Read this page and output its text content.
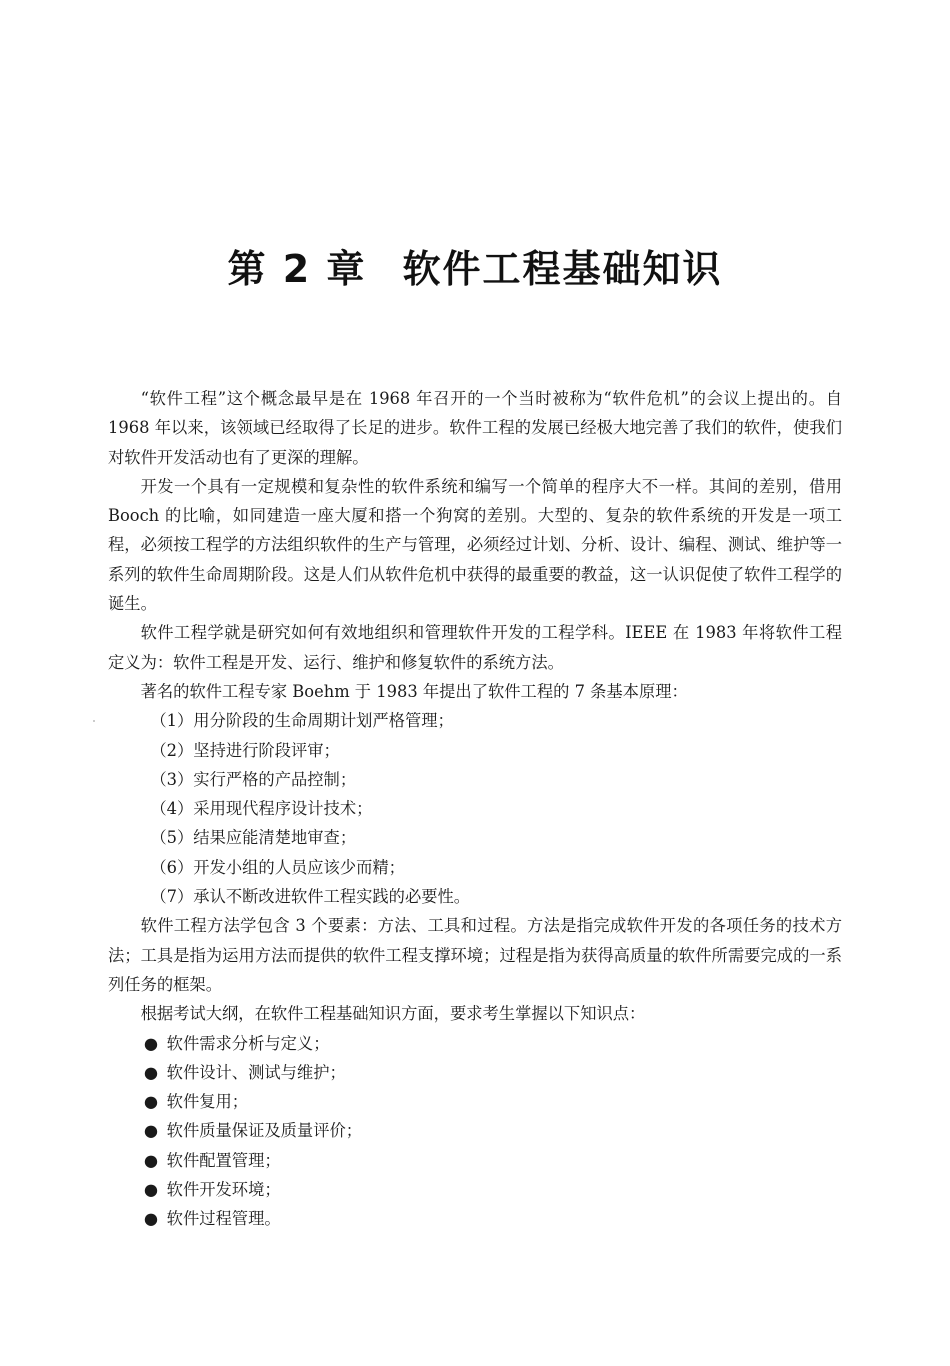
第 2 章 软件工程基础知识

“软件工程”这个概念最早是在 1968 年召开的一个当时被称为“软件危机”的会议上提出的。自 1968 年以来，该领域已经取得了长足的进步。软件工程的发展已经极大地完善了我们的软件，使我们对软件开发活动也有了更深的理解。

开发一个具有一定规模和复杂性的软件系统和编写一个简单的程序大不一样。其间的差别，借用 Booch 的比喻，如同建造一座大厦和搭一个狗窝的差别。大型的、复杂的软件系统的开发是一项工程，必须按工程学的方法组织软件的生产与管理，必须经过计划、分析、设计、编程、测试、维护等一系列的软件生命周期阶段。这是人们从软件危机中获得的最重要的教益，这一认识促使了软件工程学的诞生。

软件工程学就是研究如何有效地组织和管理软件开发的工程学科。IEEE 在 1983 年将软件工程定义为：软件工程是开发、运行、维护和修复软件的系统方法。

著名的软件工程专家 Boehm 于 1983 年提出了软件工程的 7 条基本原理：

（1）用分阶段的生命周期计划严格管理；
（2）坚持进行阶段评审；
（3）实行严格的产品控制；
（4）采用现代程序设计技术；
（5）结果应能清楚地审查；
（6）开发小组的人员应该少而精；
（7）承认不断改进软件工程实践的必要性。

软件工程方法学包含 3 个要素：方法、工具和过程。方法是指完成软件开发的各项任务的技术方法；工具是指为运用方法而提供的软件工程支撑环境；过程是指为获得高质量的软件所需要完成的一系列任务的框架。

根据考试大纲，在软件工程基础知识方面，要求考生掌握以下知识点：

● 软件需求分析与定义；
● 软件设计、测试与维护；
● 软件复用；
● 软件质量保证及质量评价；
● 软件配置管理；
● 软件开发环境；
● 软件过程管理。
